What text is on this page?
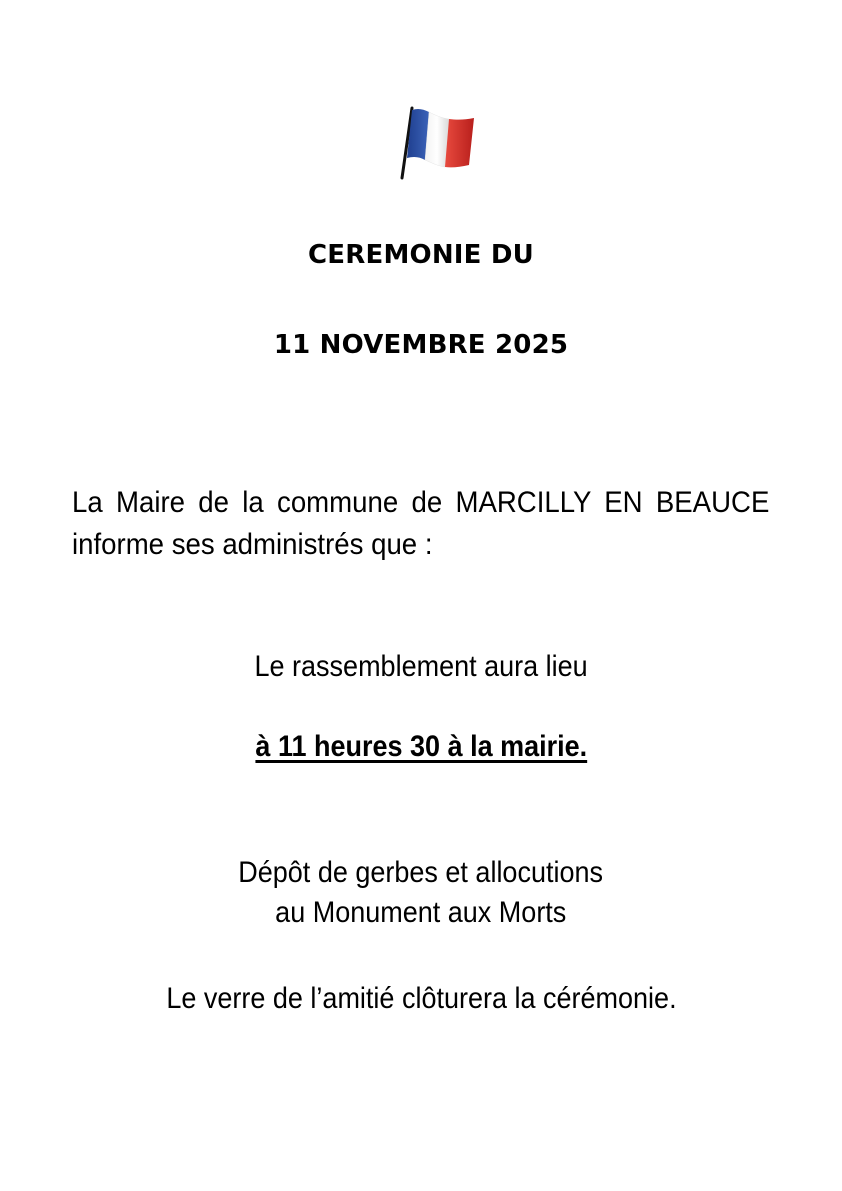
CEREMONIE DU
11 NOVEMBRE 2025

La Maire de la commune de MARCILLY EN BEAUCE informe ses administrés que :

Le rassemblement aura lieu

à 11 heures 30 à la mairie.

Dépôt de gerbes et allocutions

au Monument aux Morts

Le verre de l’amitié clôturera la cérémonie.
